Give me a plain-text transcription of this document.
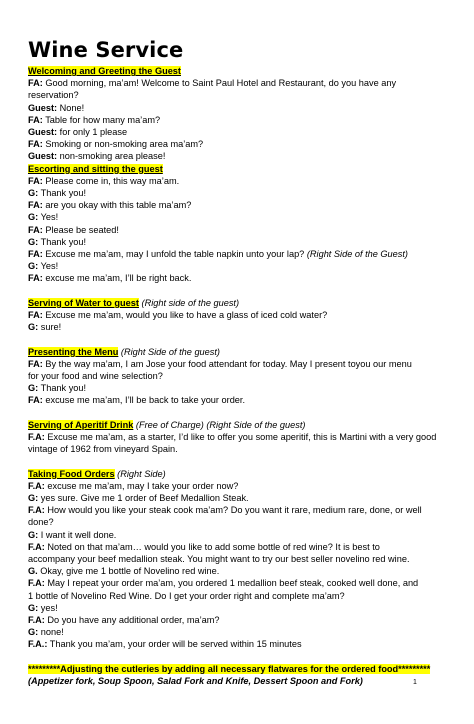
Wine Service
Welcoming and Greeting the Guest
FA: Good morning, ma’am! Welcome to Saint Paul Hotel and Restaurant, do you have any
reservation?
Guest: None!
FA: Table for how many ma’am?
Guest: for only 1 please
FA: Smoking or non-smoking area ma’am?
Guest: non-smoking area please!
Escorting and sitting the guest
FA: Please come in, this way ma’am.
G: Thank you!
FA: are you okay with this table ma’am?
G: Yes!
FA: Please be seated!
G: Thank you!
FA: Excuse me ma’am, may I unfold the table napkin unto your lap? (Right Side of the Guest)
G: Yes!
FA: excuse me ma’am, I’ll be right back.
Serving of Water to guest (Right side of the guest)
FA: Excuse me ma’am, would you like to have a glass of iced cold water?
G: sure!
Presenting the Menu (Right Side of the guest)
FA: By the way ma’am, I am Jose your food attendant for today. May I present toyou our menu
for your food and wine selection?
G: Thank you!
FA: excuse me ma’am, I’ll be back to take your order.
Serving of Aperitif Drink (Free of Charge) (Right Side of the guest)
F.A: Excuse me ma’am, as a starter, I’d like to offer you some aperitif, this is Martini with a very good
vintage of 1962 from vineyard Spain.
Taking Food Orders (Right Side)
F.A: excuse me ma’am, may I take your order now?
G: yes sure. Give me 1 order of Beef Medallion Steak.
F.A: How would you like your steak cook ma’am? Do you want it rare, medium rare, done, or well
done?
G: I want it well done.
F.A: Noted on that ma’am… would you like to add some bottle of red wine? It is best to
accompany your beef medallion steak. You might want to try our best seller novelino red wine.
G. Okay, give me 1 bottle of Novelino red wine.
F.A: May I repeat your order ma’am, you ordered 1 medallion beef steak, cooked well done, and
1 bottle of Novelino Red Wine. Do I get your order right and complete ma’am?
G: yes!
F.A: Do you have any additional order, ma’am?
G: none!
F.A.: Thank you ma’am, your order will be served within 15 minutes
*********Adjusting the cutleries by adding all necessary flatwares for the ordered food*********
(Appetizer fork, Soup Spoon, Salad Fork and Knife, Dessert Spoon and Fork)	1
